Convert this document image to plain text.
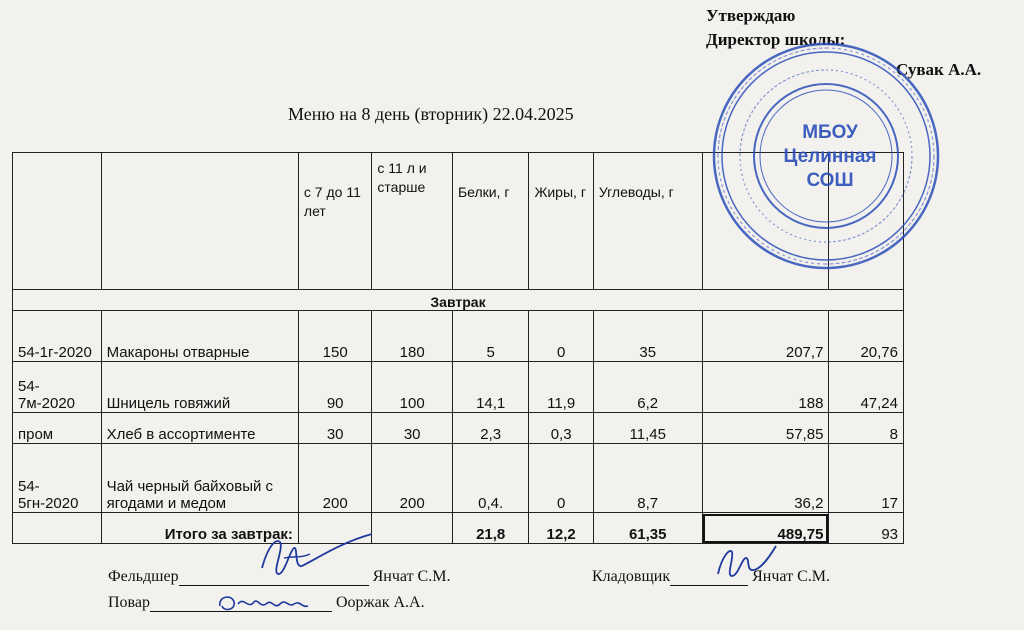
Утверждаю
Директор школы:
Сувак А.А.
Меню на 8 день (вторник) 22.04.2025
		с 7 до 11 лет	с 11 л и старше	Белки, г	Жиры, г	Углеводы, г		
Завтрак								
54-1г-2020	Макароны отварные	150	180	5	0	35	207,7	20,76
54-7м-2020	Шницель говяжий	90	100	14,1	11,9	6,2	188	47,24
пром	Хлеб в ассортименте	30	30	2,3	0,3	11,45	57,85	8
54-5гн-2020	Чай черный байховый с ягодами и медом	200	200	0,4.	0	8,7	36,2	17
	Итого за завтрак:			21,8	12,2	61,35	489,75	93
МБОУ
Целинная
СОШ
Фельдшер	Янчат С.М.	Кладовщик	Янчат С.М.
Повар	Ооржак А.А.
